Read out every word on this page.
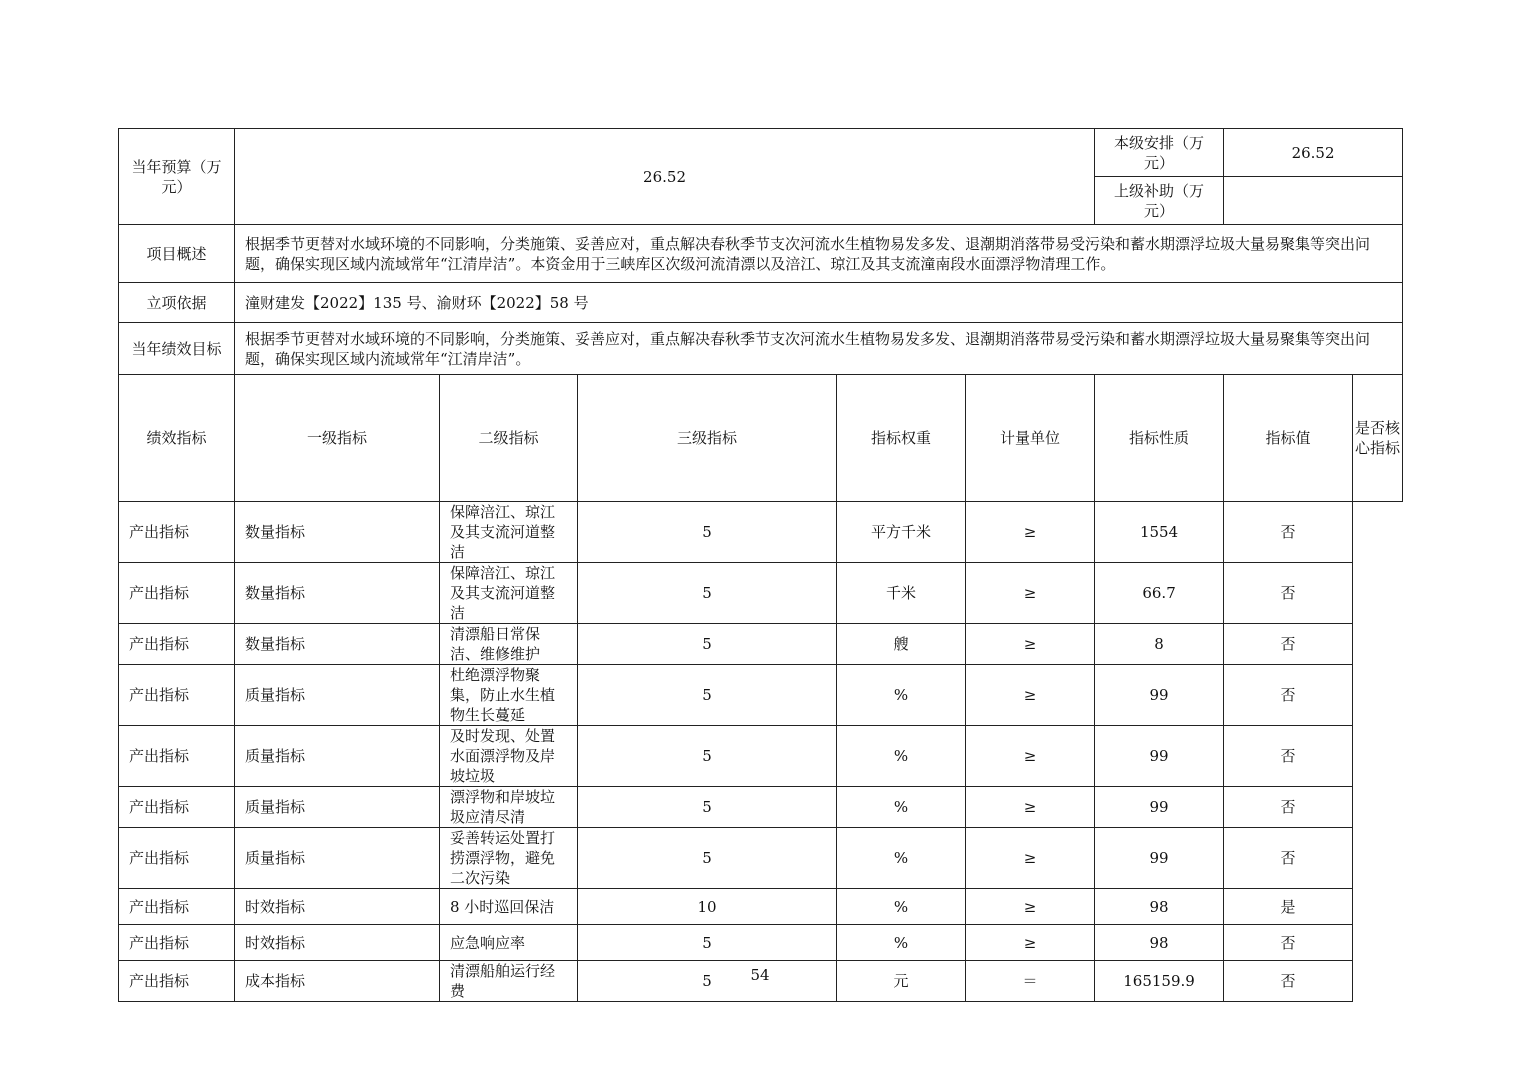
当年预算（万元）	26.52					本级安排（万元）	26.52	
						上级补助（万元）		
项目概述	根据季节更替对水域环境的不同影响，分类施策、妥善应对，重点解决春秋季节支次河流水生植物易发多发、退潮期消落带易受污染和蓄水期漂浮垃圾大量易聚集等突出问题，确保实现区域内流域常年“江清岸洁”。本资金用于三峡库区次级河流清漂以及涪江、琼江及其支流潼南段水面漂浮物清理工作。							
立项依据	潼财建发【2022】135 号、渝财环【2022】58 号							
当年绩效目标	根据季节更替对水域环境的不同影响，分类施策、妥善应对，重点解决春秋季节支次河流水生植物易发多发、退潮期消落带易受污染和蓄水期漂浮垃圾大量易聚集等突出问题，确保实现区域内流域常年“江清岸洁”。							
绩效指标	一级指标	二级指标	三级指标	指标权重	计量单位	指标性质	指标值	是否核心指标
产出指标	数量指标	保障涪江、琼江及其支流河道整洁	5	平方千米	≥	1554	否	
产出指标	数量指标	保障涪江、琼江及其支流河道整洁	5	千米	≥	66.7	否	
产出指标	数量指标	清漂船日常保洁、维修维护	5	艘	≥	8	否	
产出指标	质量指标	杜绝漂浮物聚集，防止水生植物生长蔓延	5	%	≥	99	否	
产出指标	质量指标	及时发现、处置水面漂浮物及岸坡垃圾	5	%	≥	99	否	
产出指标	质量指标	漂浮物和岸坡垃圾应清尽清	5	%	≥	99	否	
产出指标	质量指标	妥善转运处置打捞漂浮物，避免二次污染	5	%	≥	99	否	
产出指标	时效指标	8 小时巡回保洁	10	%	≥	98	是	
产出指标	时效指标	应急响应率	5	%	≥	98	否	
产出指标	成本指标	清漂船舶运行经费	5	元	＝	165159.9	否	
54
